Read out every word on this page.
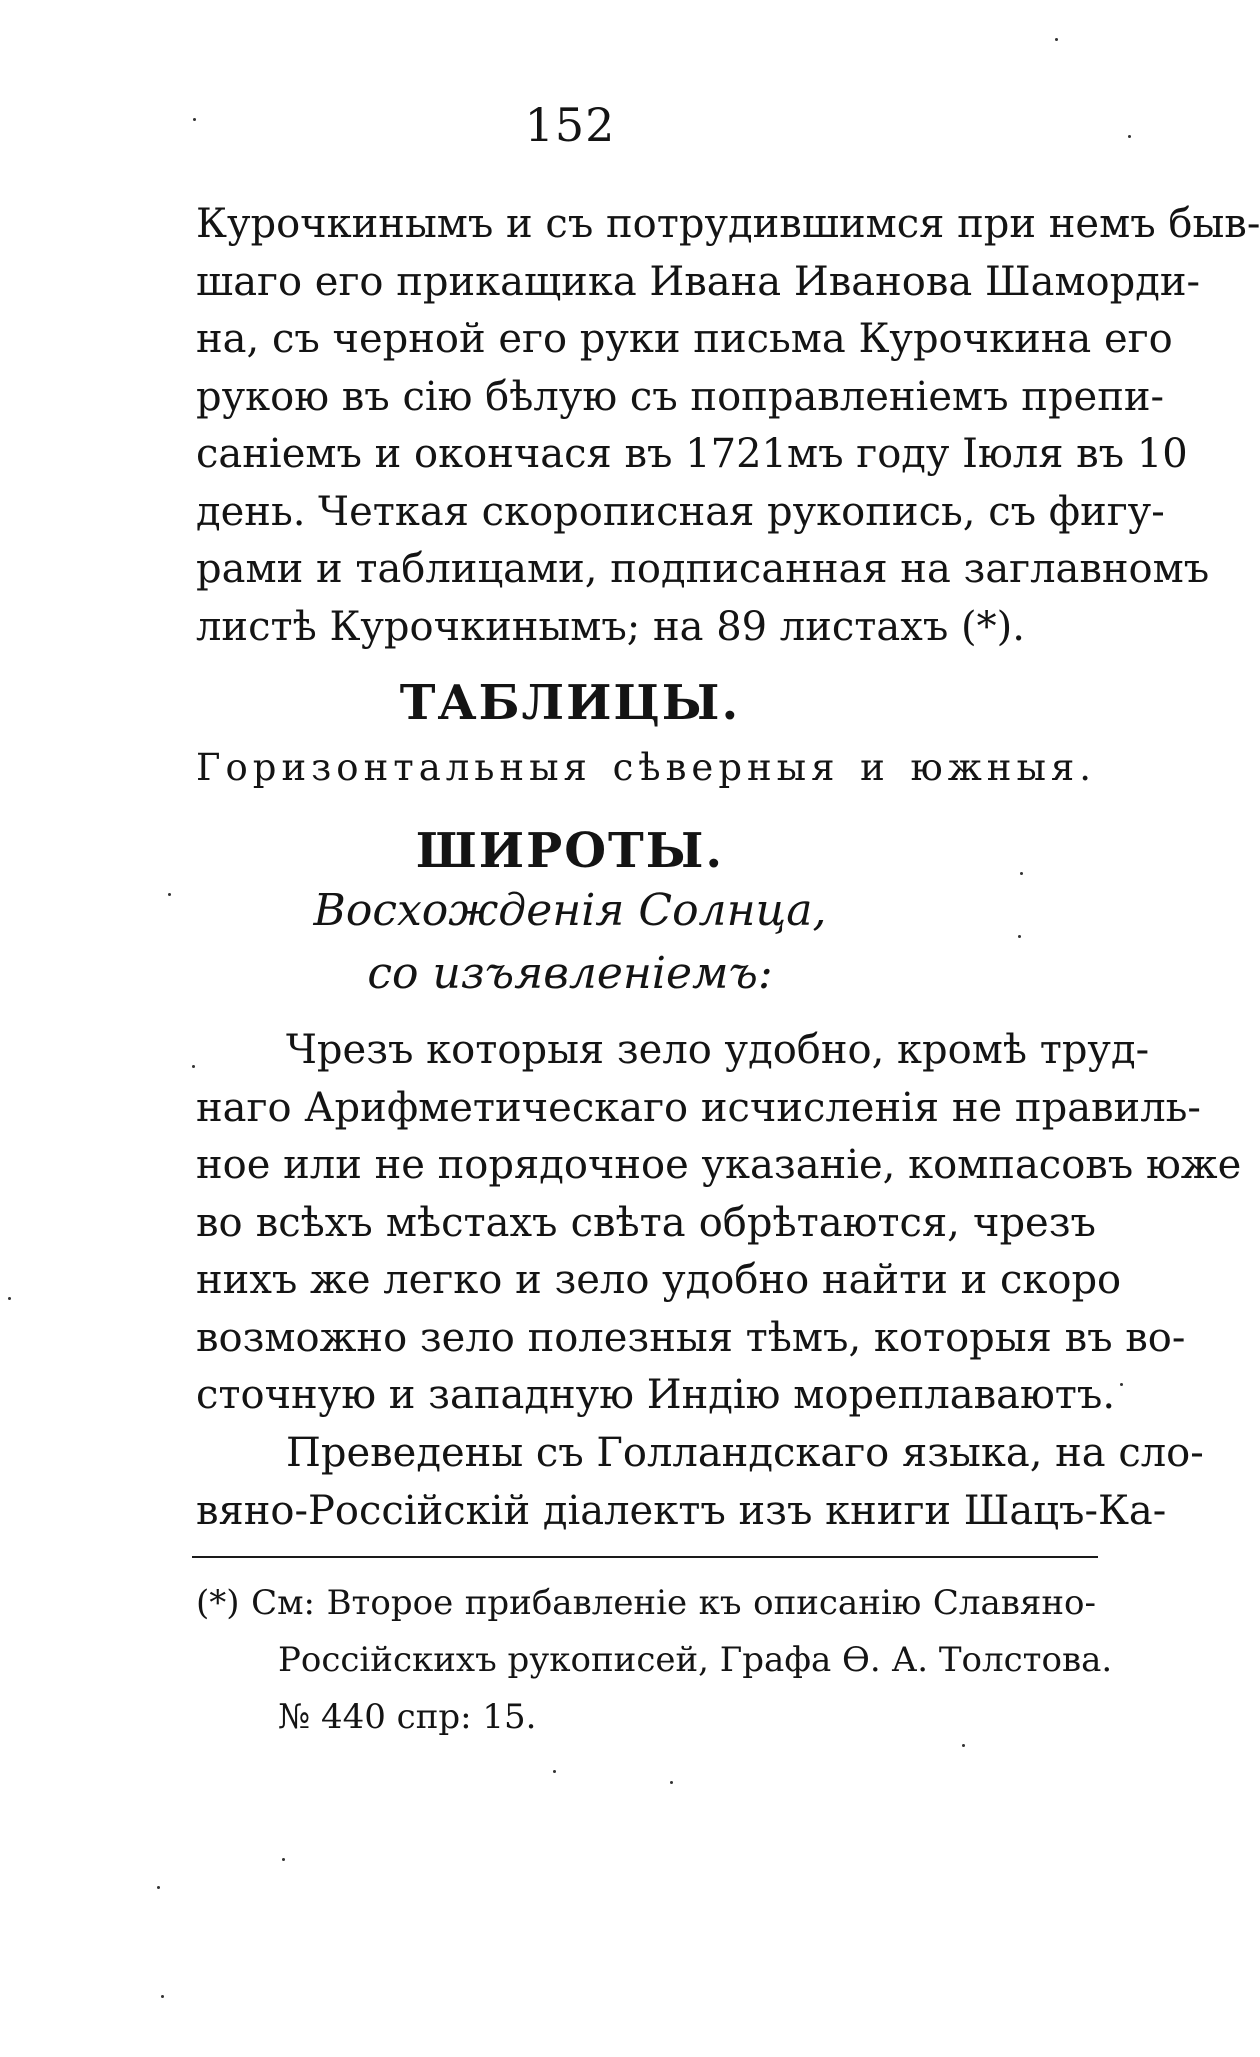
152
Курочкинымъ и съ потрудившимся при немъ быв-
шаго его прикащика Ивана Иванова Шаморди-
на, съ черной его руки письма Курочкина его
рукою въ сію бѣлую съ поправленіемъ препи-
саніемъ и окончася въ 1721мъ году Іюля въ 10
день. Четкая скорописная рукопись, съ фигу-
рами и таблицами, подписанная на заглавномъ
листѣ Курочкинымъ; на 89 листахъ (*).
ТАБЛИЦЫ.
Горизонтальныя сѣверныя и южныя.
ШИРОТЫ.
Восхожденія Солнца,
со изъявленіемъ:
Чрезъ которыя зело удобно, кромѣ труд-
наго Арифметическаго исчисленія не правиль-
ное или не порядочное указаніе, компасовъ юже
во всѣхъ мѣстахъ свѣта обрѣтаются, чрезъ
нихъ же легко и зело удобно найти и скоро
возможно зело полезныя тѣмъ, которыя въ во-
сточную и западную Индію мореплаваютъ.
Преведены съ Голландскаго языка, на сло-
вяно-Россійскій діалектъ изъ книги Шацъ-Ка-
(*) См: Второе прибавленіе къ описанію Славяно-
Россійскихъ рукописей, Графа Ѳ. А. Толстова.
№ 440 спр: 15.
